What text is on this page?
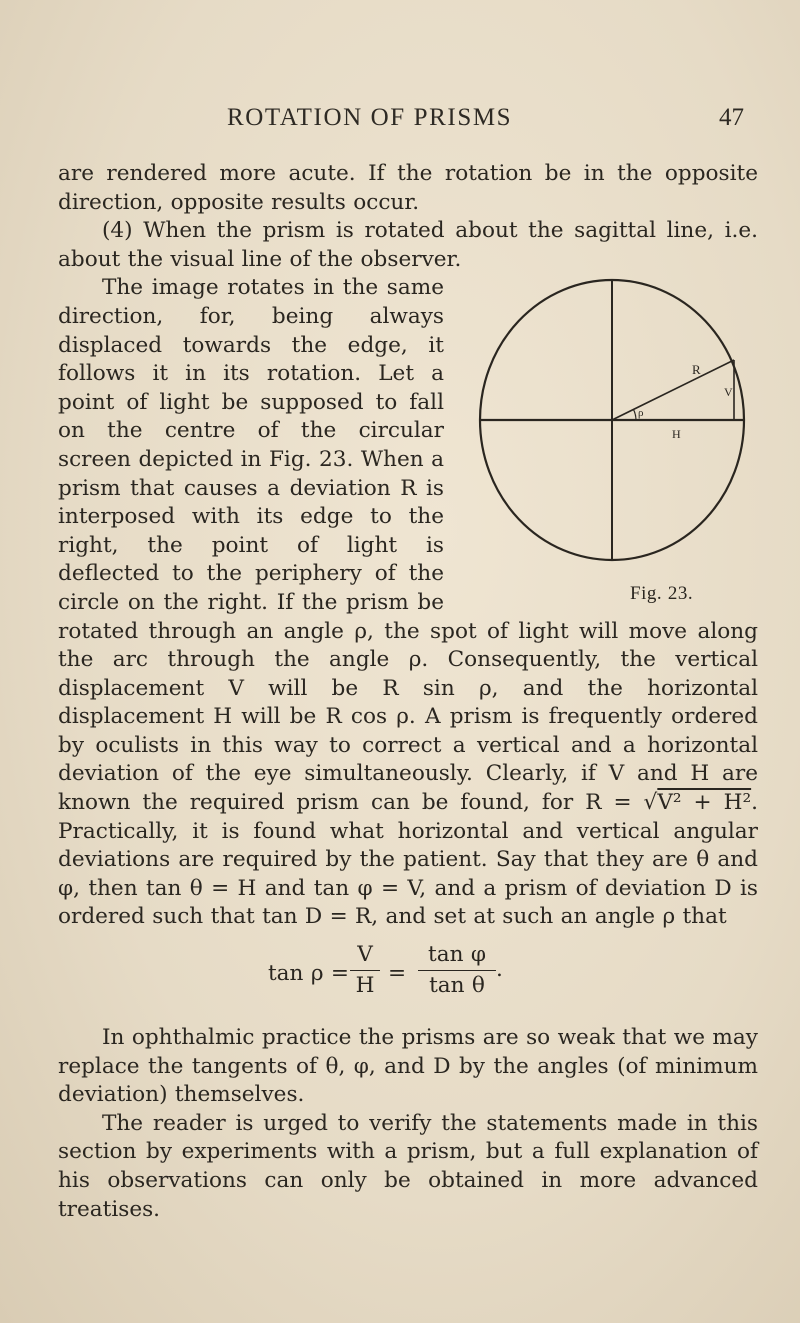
ROTATION OF PRISMS	47

are rendered more acute. If the rotation be in the opposite direction, opposite results occur.

(4) When the prism is rotated about the sagittal line, i.e. about the visual line of the observer.

R
V
H
ρ
Fig. 23.
The image rotates in the same direction, for, being always displaced towards the edge, it follows it in its rotation. Let a point of light be supposed to fall on the centre of the circular screen depicted in Fig. 23. When a prism that causes a deviation R is interposed with its edge to the right, the point of light is deflected to the periphery of the circle on the right. If the prism be rotated through an angle ρ, the spot of light will move along the arc through the angle ρ. Consequently, the vertical displacement V will be R sin ρ, and the horizontal displacement H will be R cos ρ. A prism is frequently ordered by oculists in this way to correct a vertical and a horizontal deviation of the eye simultaneously. Clearly, if V and H are known the required prism can be found, for R = √V² + H². Practically, it is found what horizontal and vertical angular deviations are required by the patient. Say that they are θ and φ, then tan θ = H and tan φ = V, and a prism of deviation D is ordered such that tan D = R, and set at such an angle ρ that

tan ρ =
V
H =
tan φ
tan θ
.

In ophthalmic practice the prisms are so weak that we may replace the tangents of θ, φ, and D by the angles (of minimum deviation) themselves.

The reader is urged to verify the statements made in this section by experiments with a prism, but a full explanation of his observations can only be obtained in more advanced treatises.
